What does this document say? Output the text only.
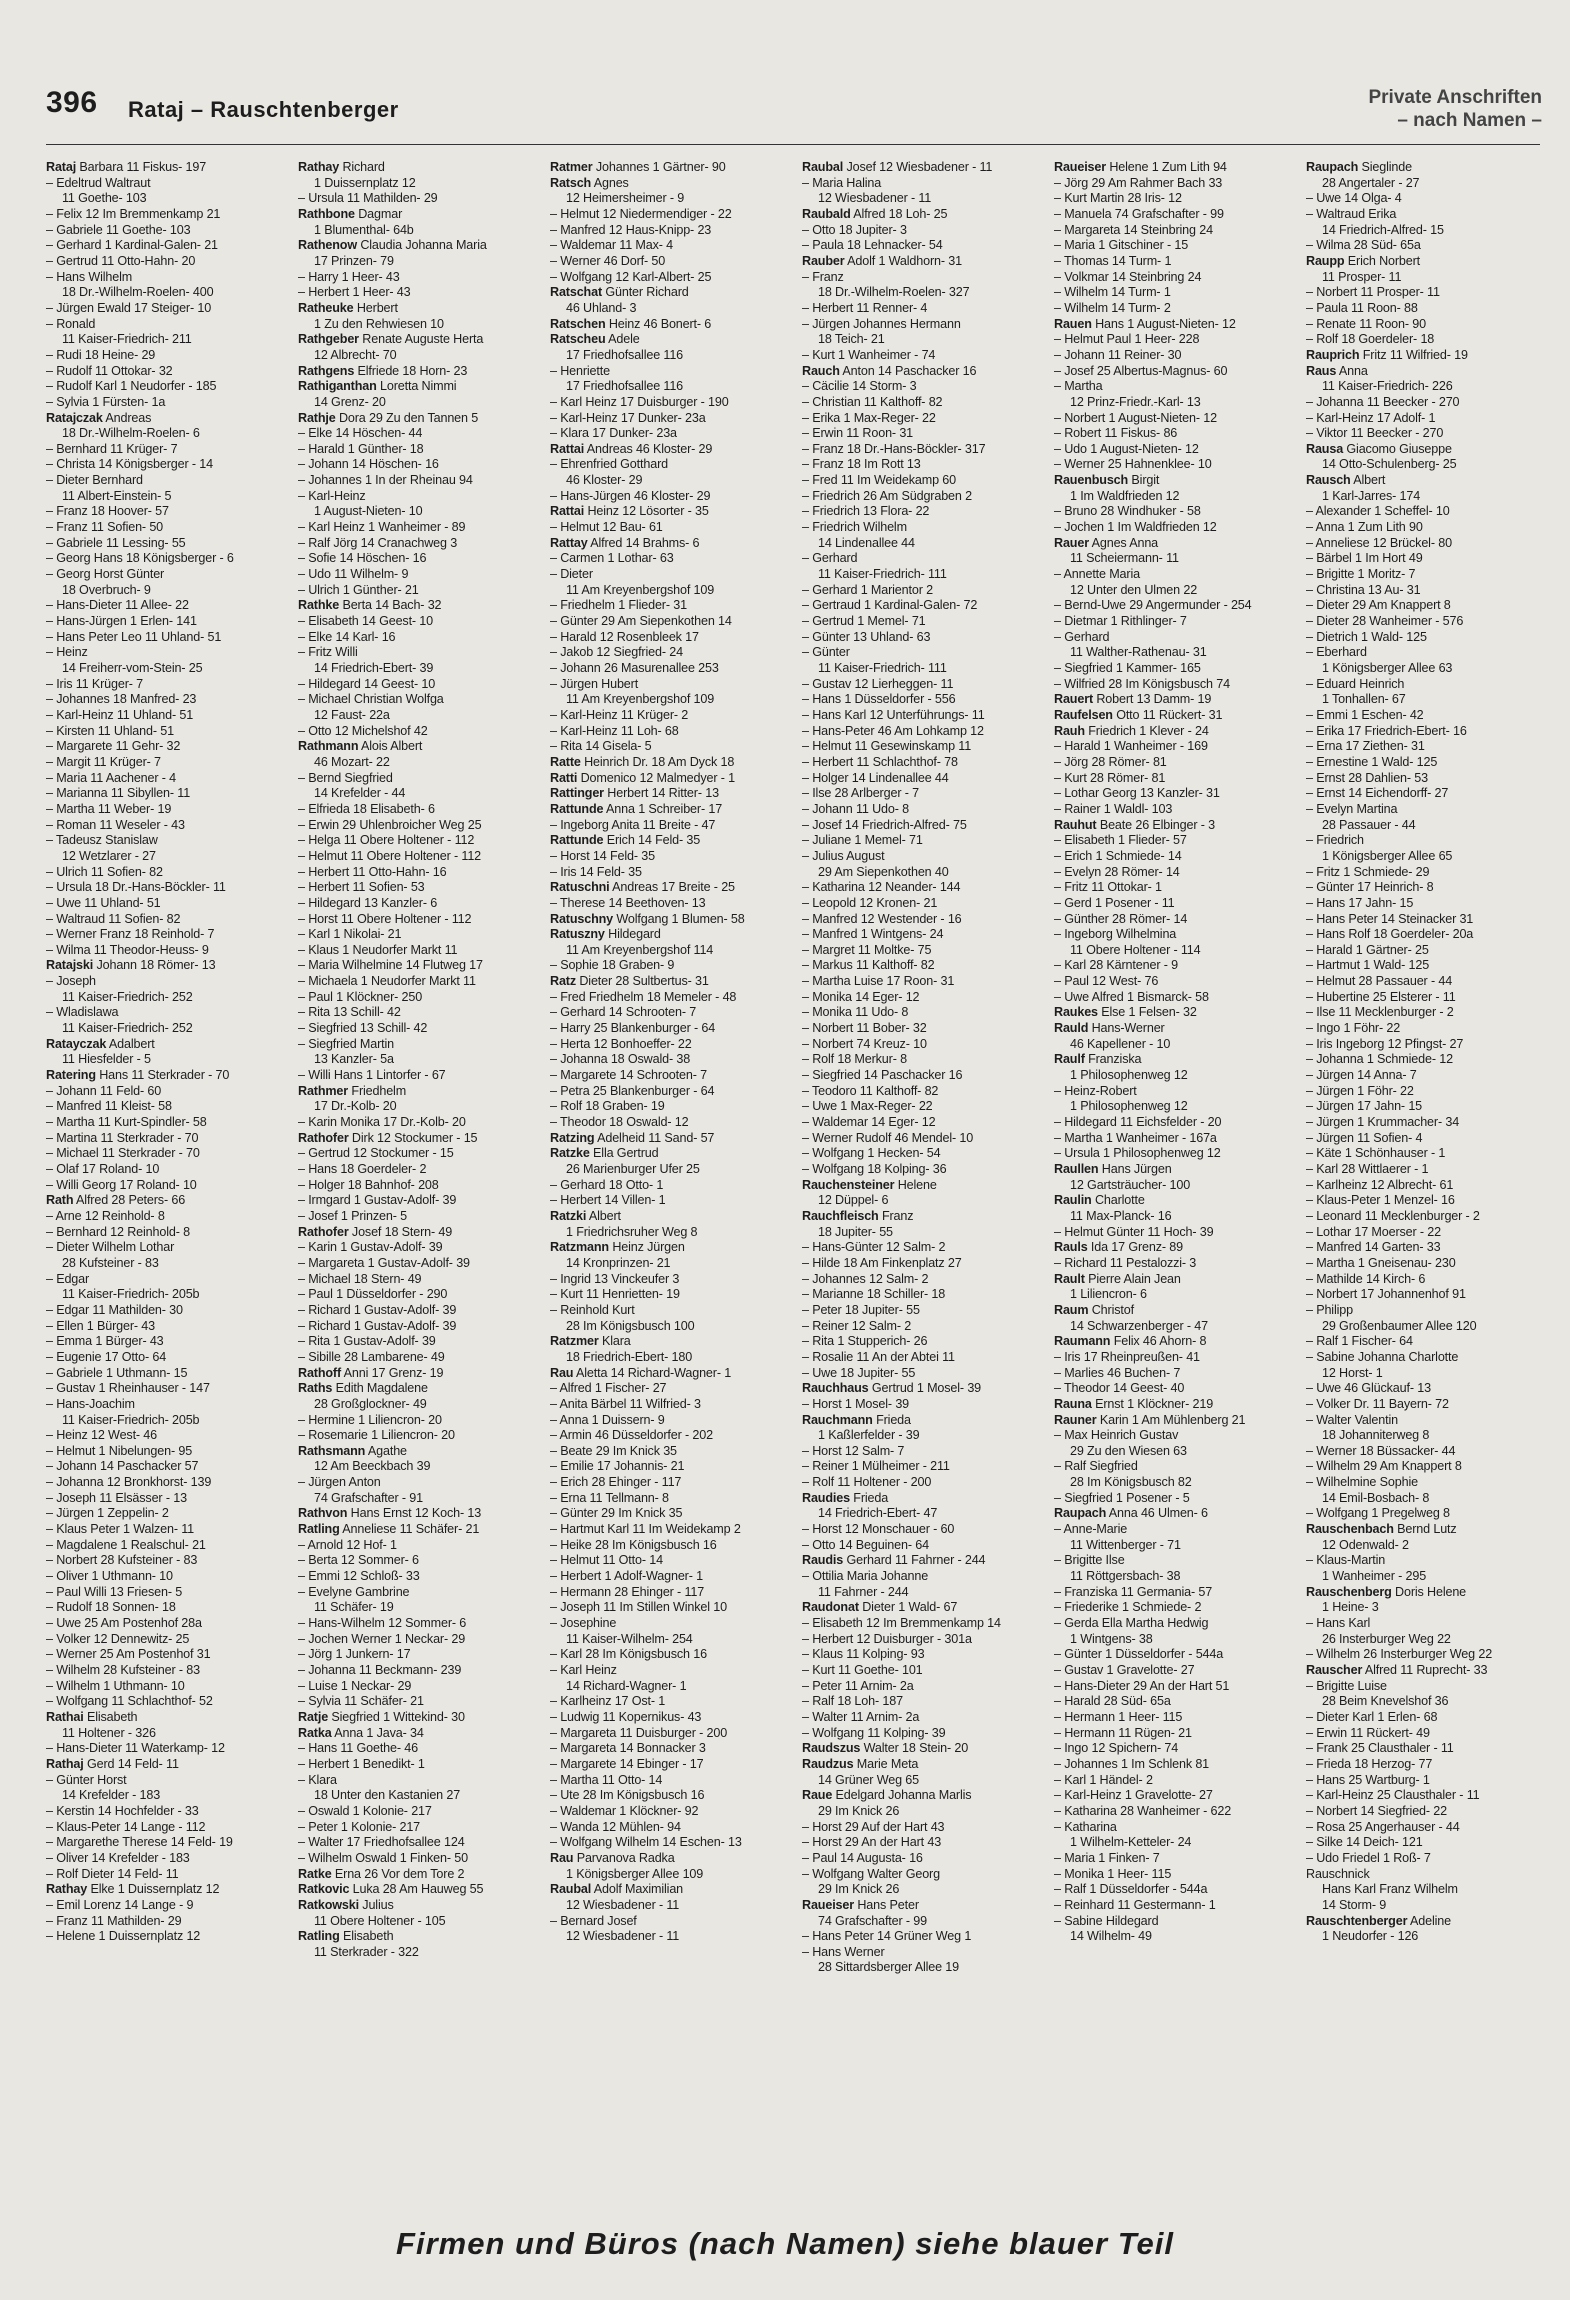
396 Rataj – Rauschtenberger	Private Anschriften
– nach Namen –
Rataj Barbara 11 Fiskus- 197
– Edeltrud Waltraut
11 Goethe- 103
– Felix 12 Im Bremmenkamp 21
– Gabriele 11 Goethe- 103
– Gerhard 1 Kardinal-Galen- 21
– Gertrud 11 Otto-Hahn- 20
– Hans Wilhelm
18 Dr.-Wilhelm-Roelen- 400
– Jürgen Ewald 17 Steiger- 10
– Ronald
11 Kaiser-Friedrich- 211
– Rudi 18 Heine- 29
– Rudolf 11 Ottokar- 32
– Rudolf Karl 1 Neudorfer - 185
– Sylvia 1 Fürsten- 1a
Ratajczak Andreas
18 Dr.-Wilhelm-Roelen- 6
– Bernhard 11 Krüger- 7
– Christa 14 Königsberger - 14
– Dieter Bernhard
11 Albert-Einstein- 5
– Franz 18 Hoover- 57
– Franz 11 Sofien- 50
– Gabriele 11 Lessing- 55
– Georg Hans 18 Königsberger - 6
– Georg Horst Günter
18 Overbruch- 9
– Hans-Dieter 11 Allee- 22
– Hans-Jürgen 1 Erlen- 141
– Hans Peter Leo 11 Uhland- 51
– Heinz
14 Freiherr-vom-Stein- 25
– Iris 11 Krüger- 7
– Johannes 18 Manfred- 23
– Karl-Heinz 11 Uhland- 51
– Kirsten 11 Uhland- 51
– Margarete 11 Gehr- 32
– Margit 11 Krüger- 7
– Maria 11 Aachener - 4
– Marianna 11 Sibyllen- 11
– Martha 11 Weber- 19
– Roman 11 Weseler - 43
– Tadeusz Stanislaw
12 Wetzlarer - 27
– Ulrich 11 Sofien- 82
– Ursula 18 Dr.-Hans-Böckler- 11
– Uwe 11 Uhland- 51
– Waltraud 11 Sofien- 82
– Werner Franz 18 Reinhold- 7
– Wilma 11 Theodor-Heuss- 9
Ratajski Johann 18 Römer- 13
– Joseph
11 Kaiser-Friedrich- 252
– Wladislawa
11 Kaiser-Friedrich- 252
Ratayczak Adalbert
11 Hiesfelder - 5
Ratering Hans 11 Sterkrader - 70
– Johann 11 Feld- 60
– Manfred 11 Kleist- 58
– Martha 11 Kurt-Spindler- 58
– Martina 11 Sterkrader - 70
– Michael 11 Sterkrader - 70
– Olaf 17 Roland- 10
– Willi Georg 17 Roland- 10
Rath Alfred 28 Peters- 66
– Arne 12 Reinhold- 8
– Bernhard 12 Reinhold- 8
– Dieter Wilhelm Lothar
28 Kufsteiner - 83
– Edgar
11 Kaiser-Friedrich- 205b
– Edgar 11 Mathilden- 30
– Ellen 1 Bürger- 43
– Emma 1 Bürger- 43
– Eugenie 17 Otto- 64
– Gabriele 1 Uthmann- 15
– Gustav 1 Rheinhauser - 147
– Hans-Joachim
11 Kaiser-Friedrich- 205b
– Heinz 12 West- 46
– Helmut 1 Nibelungen- 95
– Johann 14 Paschacker 57
– Johanna 12 Bronkhorst- 139
– Joseph 11 Elsässer - 13
– Jürgen 1 Zeppelin- 2
– Klaus Peter 1 Walzen- 11
– Magdalene 1 Realschul- 21
– Norbert 28 Kufsteiner - 83
– Oliver 1 Uthmann- 10
– Paul Willi 13 Friesen- 5
– Rudolf 18 Sonnen- 18
– Uwe 25 Am Postenhof 28a
– Volker 12 Dennewitz- 25
– Werner 25 Am Postenhof 31
– Wilhelm 28 Kufsteiner - 83
– Wilhelm 1 Uthmann- 10
– Wolfgang 11 Schlachthof- 52
Rathai Elisabeth
11 Holtener - 326
– Hans-Dieter 11 Waterkamp- 12
Rathaj Gerd 14 Feld- 11
– Günter Horst
14 Krefelder - 183
– Kerstin 14 Hochfelder - 33
– Klaus-Peter 14 Lange - 112
– Margarethe Therese 14 Feld- 19
– Oliver 14 Krefelder - 183
– Rolf Dieter 14 Feld- 11
Rathay Elke 1 Duissernplatz 12
– Emil Lorenz 14 Lange - 9
– Franz 11 Mathilden- 29
– Helene 1 Duissernplatz 12
Rathay Richard
1 Duissernplatz 12
– Ursula 11 Mathilden- 29
Rathbone Dagmar
1 Blumenthal- 64b
Rathenow Claudia Johanna Maria
17 Prinzen- 79
– Harry 1 Heer- 43
– Herbert 1 Heer- 43
Ratheuke Herbert
1 Zu den Rehwiesen 10
Rathgeber Renate Auguste Herta
12 Albrecht- 70
Rathgens Elfriede 18 Horn- 23
Rathiganthan Loretta Nimmi
14 Grenz- 20
Rathje Dora 29 Zu den Tannen 5
– Elke 14 Höschen- 44
– Harald 1 Günther- 18
– Johann 14 Höschen- 16
– Johannes 1 In der Rheinau 94
– Karl-Heinz
1 August-Nieten- 10
– Karl Heinz 1 Wanheimer - 89
– Ralf Jörg 14 Cranachweg 3
– Sofie 14 Höschen- 16
– Udo 11 Wilhelm- 9
– Ulrich 1 Günther- 21
Rathke Berta 14 Bach- 32
– Elisabeth 14 Geest- 10
– Elke 14 Karl- 16
– Fritz Willi
14 Friedrich-Ebert- 39
– Hildegard 14 Geest- 10
– Michael Christian Wolfga
12 Faust- 22a
– Otto 12 Michelshof 42
Rathmann Alois Albert
46 Mozart- 22
– Bernd Siegfried
14 Krefelder - 44
– Elfrieda 18 Elisabeth- 6
– Erwin 29 Uhlenbroicher Weg 25
– Helga 11 Obere Holtener - 112
– Helmut 11 Obere Holtener - 112
– Herbert 11 Otto-Hahn- 16
– Herbert 11 Sofien- 53
– Hildegard 13 Kanzler- 6
– Horst 11 Obere Holtener - 112
– Karl 1 Nikolai- 21
– Klaus 1 Neudorfer Markt 11
– Maria Wilhelmine 14 Flutweg 17
– Michaela 1 Neudorfer Markt 11
– Paul 1 Klöckner- 250
– Rita 13 Schill- 42
– Siegfried 13 Schill- 42
– Siegfried Martin
13 Kanzler- 5a
– Willi Hans 1 Lintorfer - 67
Rathmer Friedhelm
17 Dr.-Kolb- 20
– Karin Monika 17 Dr.-Kolb- 20
Rathofer Dirk 12 Stockumer - 15
– Gertrud 12 Stockumer - 15
– Hans 18 Goerdeler- 2
– Holger 18 Bahnhof- 208
– Irmgard 1 Gustav-Adolf- 39
– Josef 1 Prinzen- 5
Rathofer Josef 18 Stern- 49
– Karin 1 Gustav-Adolf- 39
– Margareta 1 Gustav-Adolf- 39
– Michael 18 Stern- 49
– Paul 1 Düsseldorfer - 290
– Richard 1 Gustav-Adolf- 39
– Richard 1 Gustav-Adolf- 39
– Rita 1 Gustav-Adolf- 39
– Sibille 28 Lambarene- 49
Rathoff Anni 17 Grenz- 19
Raths Edith Magdalene
28 Großglockner- 49
– Hermine 1 Liliencron- 20
– Rosemarie 1 Liliencron- 20
Rathsmann Agathe
12 Am Beeckbach 39
– Jürgen Anton
74 Grafschafter - 91
Rathvon Hans Ernst 12 Koch- 13
Ratling Anneliese 11 Schäfer- 21
– Arnold 12 Hof- 1
– Berta 12 Sommer- 6
– Emmi 12 Schloß- 33
– Evelyne Gambrine
11 Schäfer- 19
– Hans-Wilhelm 12 Sommer- 6
– Jochen Werner 1 Neckar- 29
– Jörg 1 Junkern- 17
– Johanna 11 Beckmann- 239
– Luise 1 Neckar- 29
– Sylvia 11 Schäfer- 21
Ratje Siegfried 1 Wittekind- 30
Ratka Anna 1 Java- 34
– Hans 11 Goethe- 46
– Herbert 1 Benedikt- 1
– Klara
18 Unter den Kastanien 27
– Oswald 1 Kolonie- 217
– Peter 1 Kolonie- 217
– Walter 17 Friedhofsallee 124
– Wilhelm Oswald 1 Finken- 50
Ratke Erna 26 Vor dem Tore 2
Ratkovic Luka 28 Am Hauweg 55
Ratkowski Julius
11 Obere Holtener - 105
Ratling Elisabeth
11 Sterkrader - 322
Ratmer Johannes 1 Gärtner- 90
Ratsch Agnes
12 Heimersheimer - 9
– Helmut 12 Niedermendiger - 22
– Manfred 12 Haus-Knipp- 23
– Waldemar 11 Max- 4
– Werner 46 Dorf- 50
– Wolfgang 12 Karl-Albert- 25
Ratschat Günter Richard
46 Uhland- 3
Ratschen Heinz 46 Bonert- 6
Ratscheu Adele
17 Friedhofsallee 116
– Henriette
17 Friedhofsallee 116
– Karl Heinz 17 Duisburger - 190
– Karl-Heinz 17 Dunker- 23a
– Klara 17 Dunker- 23a
Rattai Andreas 46 Kloster- 29
– Ehrenfried Gotthard
46 Kloster- 29
– Hans-Jürgen 46 Kloster- 29
Rattai Heinz 12 Lösorter - 35
– Helmut 12 Bau- 61
Rattay Alfred 14 Brahms- 6
– Carmen 1 Lothar- 63
– Dieter
11 Am Kreyenbergshof 109
– Friedhelm 1 Flieder- 31
– Günter 29 Am Siepenkothen 14
– Harald 12 Rosenbleek 17
– Jakob 12 Siegfried- 24
– Johann 26 Masurenallee 253
– Jürgen Hubert
11 Am Kreyenbergshof 109
– Karl-Heinz 11 Krüger- 2
– Karl-Heinz 11 Loh- 68
– Rita 14 Gisela- 5
Ratte Heinrich Dr. 18 Am Dyck 18
Ratti Domenico 12 Malmedyer - 1
Rattinger Herbert 14 Ritter- 13
Rattunde Anna 1 Schreiber- 17
– Ingeborg Anita 11 Breite - 47
Rattunde Erich 14 Feld- 35
– Horst 14 Feld- 35
– Iris 14 Feld- 35
Ratuschni Andreas 17 Breite - 25
– Therese 14 Beethoven- 13
Ratuschny Wolfgang 1 Blumen- 58
Ratuszny Hildegard
11 Am Kreyenbergshof 114
– Sophie 18 Graben- 9
Ratz Dieter 28 Sultbertus- 31
– Fred Friedhelm 18 Memeler - 48
– Gerhard 14 Schrooten- 7
– Harry 25 Blankenburger - 64
– Herta 12 Bonhoeffer- 22
– Johanna 18 Oswald- 38
– Margarete 14 Schrooten- 7
– Petra 25 Blankenburger - 64
– Rolf 18 Graben- 19
– Theodor 18 Oswald- 12
Ratzing Adelheid 11 Sand- 57
Ratzke Ella Gertrud
26 Marienburger Ufer 25
– Gerhard 18 Otto- 1
– Herbert 14 Villen- 1
Ratzki Albert
1 Friedrichsruher Weg 8
Ratzmann Heinz Jürgen
14 Kronprinzen- 21
– Ingrid 13 Vinckeufer 3
– Kurt 11 Henrietten- 19
– Reinhold Kurt
28 Im Königsbusch 100
Ratzmer Klara
18 Friedrich-Ebert- 180
Rau Aletta 14 Richard-Wagner- 1
– Alfred 1 Fischer- 27
– Anita Bärbel 11 Wilfried- 3
– Anna 1 Duissern- 9
– Armin 46 Düsseldorfer - 202
– Beate 29 Im Knick 35
– Emilie 17 Johannis- 21
– Erich 28 Ehinger - 117
– Erna 11 Tellmann- 8
– Günter 29 Im Knick 35
– Hartmut Karl 11 Im Weidekamp 2
– Heike 28 Im Königsbusch 16
– Helmut 11 Otto- 14
– Herbert 1 Adolf-Wagner- 1
– Hermann 28 Ehinger - 117
– Joseph 11 Im Stillen Winkel 10
– Josephine
11 Kaiser-Wilhelm- 254
– Karl 28 Im Königsbusch 16
– Karl Heinz
14 Richard-Wagner- 1
– Karlheinz 17 Ost- 1
– Ludwig 11 Kopernikus- 43
– Margareta 11 Duisburger - 200
– Margareta 14 Bonnacker 3
– Margarete 14 Ebinger - 17
– Martha 11 Otto- 14
– Ute 28 Im Königsbusch 16
– Waldemar 1 Klöckner- 92
– Wanda 12 Mühlen- 94
– Wolfgang Wilhelm 14 Eschen- 13
Rau Parvanova Radka
1 Königsberger Allee 109
Raubal Adolf Maximilian
12 Wiesbadener - 11
– Bernard Josef
12 Wiesbadener - 11
Raubal Josef 12 Wiesbadener - 11
– Maria Halina
12 Wiesbadener - 11
Raubald Alfred 18 Loh- 25
– Otto 18 Jupiter- 3
– Paula 18 Lehnacker- 54
Rauber Adolf 1 Waldhorn- 31
– Franz
18 Dr.-Wilhelm-Roelen- 327
– Herbert 11 Renner- 4
– Jürgen Johannes Hermann
18 Teich- 21
– Kurt 1 Wanheimer - 74
Rauch Anton 14 Paschacker 16
– Cäcilie 14 Storm- 3
– Christian 11 Kalthoff- 82
– Erika 1 Max-Reger- 22
– Erwin 11 Roon- 31
– Franz 18 Dr.-Hans-Böckler- 317
– Franz 18 Im Rott 13
– Fred 11 Im Weidekamp 60
– Friedrich 26 Am Südgraben 2
– Friedrich 13 Flora- 22
– Friedrich Wilhelm
14 Lindenallee 44
– Gerhard
11 Kaiser-Friedrich- 111
– Gerhard 1 Marientor 2
– Gertraud 1 Kardinal-Galen- 72
– Gertrud 1 Memel- 71
– Günter 13 Uhland- 63
– Günter
11 Kaiser-Friedrich- 111
– Gustav 12 Lierheggen- 11
– Hans 1 Düsseldorfer - 556
– Hans Karl 12 Unterführungs- 11
– Hans-Peter 46 Am Lohkamp 12
– Helmut 11 Gesewinskamp 11
– Herbert 11 Schlachthof- 78
– Holger 14 Lindenallee 44
– Ilse 28 Arlberger - 7
– Johann 11 Udo- 8
– Josef 14 Friedrich-Alfred- 75
– Juliane 1 Memel- 71
– Julius August
29 Am Siepenkothen 40
– Katharina 12 Neander- 144
– Leopold 12 Kronen- 21
– Manfred 12 Westender - 16
– Manfred 1 Wintgens- 24
– Margret 11 Moltke- 75
– Markus 11 Kalthoff- 82
– Martha Luise 17 Roon- 31
– Monika 14 Eger- 12
– Monika 11 Udo- 8
– Norbert 11 Bober- 32
– Norbert 74 Kreuz- 10
– Rolf 18 Merkur- 8
– Siegfried 14 Paschacker 16
– Teodoro 11 Kalthoff- 82
– Uwe 1 Max-Reger- 22
– Waldemar 14 Eger- 12
– Werner Rudolf 46 Mendel- 10
– Wolfgang 1 Hecken- 54
– Wolfgang 18 Kolping- 36
Rauchensteiner Helene
12 Düppel- 6
Rauchfleisch Franz
18 Jupiter- 55
– Hans-Günter 12 Salm- 2
– Hilde 18 Am Finkenplatz 27
– Johannes 12 Salm- 2
– Marianne 18 Schiller- 18
– Peter 18 Jupiter- 55
– Reiner 12 Salm- 2
– Rita 1 Stupperich- 26
– Rosalie 11 An der Abtei 11
– Uwe 18 Jupiter- 55
Rauchhaus Gertrud 1 Mosel- 39
– Horst 1 Mosel- 39
Rauchmann Frieda
1 Kaßlerfelder - 39
– Horst 12 Salm- 7
– Reiner 1 Mülheimer - 211
– Rolf 11 Holtener - 200
Raudies Frieda
14 Friedrich-Ebert- 47
– Horst 12 Monschauer - 60
– Otto 14 Beguinen- 64
Raudis Gerhard 11 Fahrner - 244
– Ottilia Maria Johanne
11 Fahrner - 244
Raudonat Dieter 1 Wald- 67
– Elisabeth 12 Im Bremmenkamp 14
– Herbert 12 Duisburger - 301a
– Klaus 11 Kolping- 93
– Kurt 11 Goethe- 101
– Peter 11 Arnim- 2a
– Ralf 18 Loh- 187
– Walter 11 Arnim- 2a
– Wolfgang 11 Kolping- 39
Raudszus Walter 18 Stein- 20
Raudzus Marie Meta
14 Grüner Weg 65
Raue Edelgard Johanna Marlis
29 Im Knick 26
– Horst 29 Auf der Hart 43
– Horst 29 An der Hart 43
– Paul 14 Augusta- 16
– Wolfgang Walter Georg
29 Im Knick 26
Raueiser Hans Peter
74 Grafschafter - 99
– Hans Peter 14 Grüner Weg 1
– Hans Werner
28 Sittardsberger Allee 19
Raueiser Helene 1 Zum Lith 94
– Jörg 29 Am Rahmer Bach 33
– Kurt Martin 28 Iris- 12
– Manuela 74 Grafschafter - 99
– Margareta 14 Steinbring 24
– Maria 1 Gitschiner - 15
– Thomas 14 Turm- 1
– Volkmar 14 Steinbring 24
– Wilhelm 14 Turm- 1
– Wilhelm 14 Turm- 2
Rauen Hans 1 August-Nieten- 12
– Helmut Paul 1 Heer- 228
– Johann 11 Reiner- 30
– Josef 25 Albertus-Magnus- 60
– Martha
12 Prinz-Friedr.-Karl- 13
– Norbert 1 August-Nieten- 12
– Robert 11 Fiskus- 86
– Udo 1 August-Nieten- 12
– Werner 25 Hahnenklee- 10
Rauenbusch Birgit
1 Im Waldfrieden 12
– Bruno 28 Windhuker - 58
– Jochen 1 Im Waldfrieden 12
Rauer Agnes Anna
11 Scheiermann- 11
– Annette Maria
12 Unter den Ulmen 22
– Bernd-Uwe 29 Angermunder - 254
– Dietmar 1 Rithlinger- 7
– Gerhard
11 Walther-Rathenau- 31
– Siegfried 1 Kammer- 165
– Wilfried 28 Im Königsbusch 74
Rauert Robert 13 Damm- 19
Raufelsen Otto 11 Rückert- 31
Rauh Friedrich 1 Klever - 24
– Harald 1 Wanheimer - 169
– Jörg 28 Römer- 81
– Kurt 28 Römer- 81
– Lothar Georg 13 Kanzler- 31
– Rainer 1 Waldl- 103
Rauhut Beate 26 Elbinger - 3
– Elisabeth 1 Flieder- 57
– Erich 1 Schmiede- 14
– Evelyn 28 Römer- 14
– Fritz 11 Ottokar- 1
– Gerd 1 Posener - 11
– Günther 28 Römer- 14
– Ingeborg Wilhelmina
11 Obere Holtener - 114
– Karl 28 Kärntener - 9
– Paul 12 West- 76
– Uwe Alfred 1 Bismarck- 58
Raukes Else 1 Felsen- 32
Rauld Hans-Werner
46 Kapellener - 10
Raulf Franziska
1 Philosophenweg 12
– Heinz-Robert
1 Philosophenweg 12
– Hildegard 11 Eichsfelder - 20
– Martha 1 Wanheimer - 167a
– Ursula 1 Philosophenweg 12
Raullen Hans Jürgen
12 Gartsträucher- 100
Raulin Charlotte
11 Max-Planck- 16
– Helmut Günter 11 Hoch- 39
Rauls Ida 17 Grenz- 89
– Richard 11 Pestalozzi- 3
Rault Pierre Alain Jean
1 Liliencron- 6
Raum Christof
14 Schwarzenberger - 47
Raumann Felix 46 Ahorn- 8
– Iris 17 Rheinpreußen- 41
– Marlies 46 Buchen- 7
– Theodor 14 Geest- 40
Rauna Ernst 1 Klöckner- 219
Rauner Karin 1 Am Mühlenberg 21
– Max Heinrich Gustav
29 Zu den Wiesen 63
– Ralf Siegfried
28 Im Königsbusch 82
– Siegfried 1 Posener - 5
Raupach Anna 46 Ulmen- 6
– Anne-Marie
11 Wittenberger - 71
– Brigitte Ilse
11 Röttgersbach- 38
– Franziska 11 Germania- 57
– Friederike 1 Schmiede- 2
– Gerda Ella Martha Hedwig
1 Wintgens- 38
– Günter 1 Düsseldorfer - 544a
– Gustav 1 Gravelotte- 27
– Hans-Dieter 29 An der Hart 51
– Harald 28 Süd- 65a
– Hermann 1 Heer- 115
– Hermann 11 Rügen- 21
– Ingo 12 Spichern- 74
– Johannes 1 Im Schlenk 81
– Karl 1 Händel- 2
– Karl-Heinz 1 Gravelotte- 27
– Katharina 28 Wanheimer - 622
– Katharina
1 Wilhelm-Ketteler- 24
– Maria 1 Finken- 7
– Monika 1 Heer- 115
– Ralf 1 Düsseldorfer - 544a
– Reinhard 11 Gestermann- 1
– Sabine Hildegard
14 Wilhelm- 49
Raupach Sieglinde
28 Angertaler - 27
– Uwe 14 Olga- 4
– Waltraud Erika
14 Friedrich-Alfred- 15
– Wilma 28 Süd- 65a
Raupp Erich Norbert
11 Prosper- 11
– Norbert 11 Prosper- 11
– Paula 11 Roon- 88
– Renate 11 Roon- 90
– Rolf 18 Goerdeler- 18
Rauprich Fritz 11 Wilfried- 19
Raus Anna
11 Kaiser-Friedrich- 226
– Johanna 11 Beecker - 270
– Karl-Heinz 17 Adolf- 1
– Viktor 11 Beecker - 270
Rausa Giacomo Giuseppe
14 Otto-Schulenberg- 25
Rausch Albert
1 Karl-Jarres- 174
– Alexander 1 Scheffel- 10
– Anna 1 Zum Lith 90
– Anneliese 12 Brückel- 80
– Bärbel 1 Im Hort 49
– Brigitte 1 Moritz- 7
– Christina 13 Au- 31
– Dieter 29 Am Knappert 8
– Dieter 28 Wanheimer - 576
– Dietrich 1 Wald- 125
– Eberhard
1 Königsberger Allee 63
– Eduard Heinrich
1 Tonhallen- 67
– Emmi 1 Eschen- 42
– Erika 17 Friedrich-Ebert- 16
– Erna 17 Ziethen- 31
– Ernestine 1 Wald- 125
– Ernst 28 Dahlien- 53
– Ernst 14 Eichendorff- 27
– Evelyn Martina
28 Passauer - 44
– Friedrich
1 Königsberger Allee 65
– Fritz 1 Schmiede- 29
– Günter 17 Heinrich- 8
– Hans 17 Jahn- 15
– Hans Peter 14 Steinacker 31
– Hans Rolf 18 Goerdeler- 20a
– Harald 1 Gärtner- 25
– Hartmut 1 Wald- 125
– Helmut 28 Passauer - 44
– Hubertine 25 Elsterer - 11
– Ilse 11 Mecklenburger - 2
– Ingo 1 Föhr- 22
– Iris Ingeborg 12 Pfingst- 27
– Johanna 1 Schmiede- 12
– Jürgen 14 Anna- 7
– Jürgen 1 Föhr- 22
– Jürgen 17 Jahn- 15
– Jürgen 1 Krummacher- 34
– Jürgen 11 Sofien- 4
– Käte 1 Schönhauser - 1
– Karl 28 Wittlaerer - 1
– Karlheinz 12 Albrecht- 61
– Klaus-Peter 1 Menzel- 16
– Leonard 11 Mecklenburger - 2
– Lothar 17 Moerser - 22
– Manfred 14 Garten- 33
– Martha 1 Gneisenau- 230
– Mathilde 14 Kirch- 6
– Norbert 17 Johannenhof 91
– Philipp
29 Großenbaumer Allee 120
– Ralf 1 Fischer- 64
– Sabine Johanna Charlotte
12 Horst- 1
– Uwe 46 Glückauf- 13
– Volker Dr. 11 Bayern- 72
– Walter Valentin
18 Johanniterweg 8
– Werner 18 Büssacker- 44
– Wilhelm 29 Am Knappert 8
– Wilhelmine Sophie
14 Emil-Bosbach- 8
– Wolfgang 1 Pregelweg 8
Rauschenbach Bernd Lutz
12 Odenwald- 2
– Klaus-Martin
1 Wanheimer - 295
Rauschenberg Doris Helene
1 Heine- 3
– Hans Karl
26 Insterburger Weg 22
– Wilhelm 26 Insterburger Weg 22
Rauscher Alfred 11 Ruprecht- 33
– Brigitte Luise
28 Beim Knevelshof 36
– Dieter Karl 1 Erlen- 68
– Erwin 11 Rückert- 49
– Frank 25 Clausthaler - 11
– Frieda 18 Herzog- 77
– Hans 25 Wartburg- 1
– Karl-Heinz 25 Clausthaler - 11
– Norbert 14 Siegfried- 22
– Rosa 25 Angerhauser - 44
– Silke 14 Deich- 121
– Udo Friedel 1 Roß- 7
Rauschnick
Hans Karl Franz Wilhelm
14 Storm- 9
Rauschtenberger Adeline
1 Neudorfer - 126
Firmen und Büros (nach Namen) siehe blauer Teil
